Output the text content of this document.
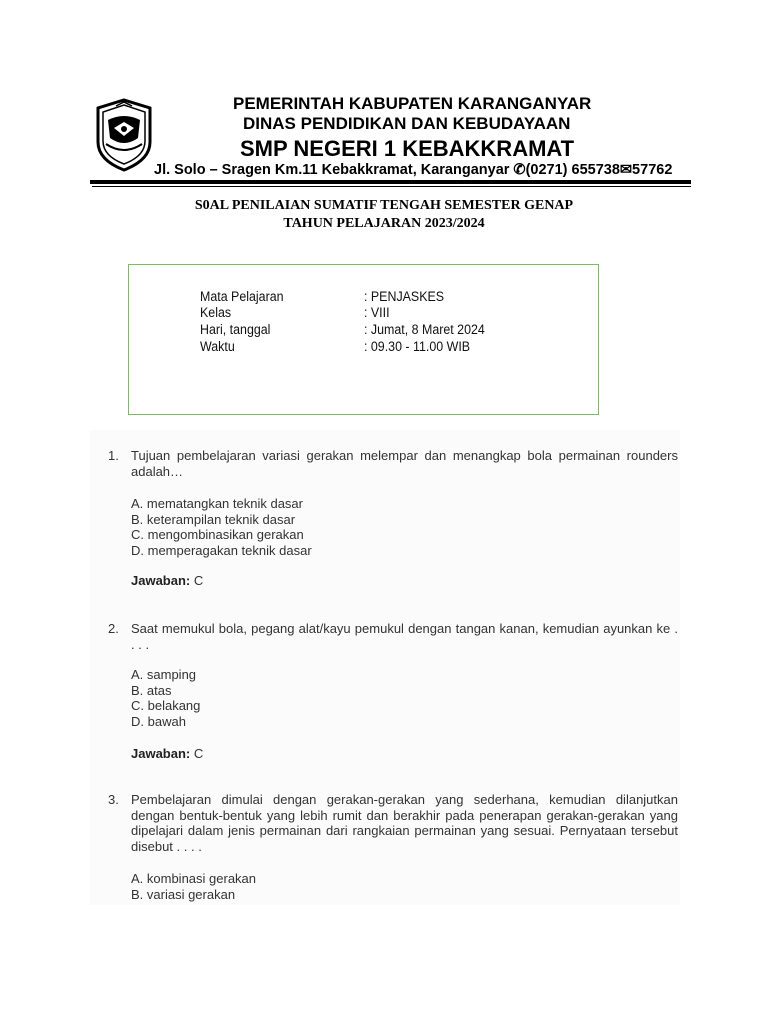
PEMERINTAH KABUPATEN KARANGANYAR
DINAS PENDIDIKAN DAN KEBUDAYAAN
SMP NEGERI 1 KEBAKKRAMAT
Jl. Solo – Sragen Km.11 Kebakkramat, Karanganyar ✆(0271) 655738✉57762
S0AL PENILAIAN SUMATIF TENGAH SEMESTER GENAP
TAHUN PELAJARAN 2023/2024
Mata Pelajaran	: PENJASKES
Kelas	: VIII
Hari, tanggal	: Jumat, 8 Maret 2024
Waktu	: 09.30 - 11.00 WIB
1. Tujuan pembelajaran variasi gerakan melempar dan menangkap bola permainan rounders adalah…
A. mematangkan teknik dasar
B. keterampilan teknik dasar
C. mengombinasikan gerakan
D. memperagakan teknik dasar
Jawaban: C
2. Saat memukul bola, pegang alat/kayu pemukul dengan tangan kanan, kemudian ayunkan ke . . . .
A. samping
B. atas
C. belakang
D. bawah
Jawaban: C
3. Pembelajaran dimulai dengan gerakan-gerakan yang sederhana, kemudian dilanjutkan dengan bentuk-bentuk yang lebih rumit dan berakhir pada penerapan gerakan-gerakan yang dipelajari dalam jenis permainan dari rangkaian permainan yang sesuai. Pernyataan tersebut disebut . . . .
A. kombinasi gerakan
B. variasi gerakan
